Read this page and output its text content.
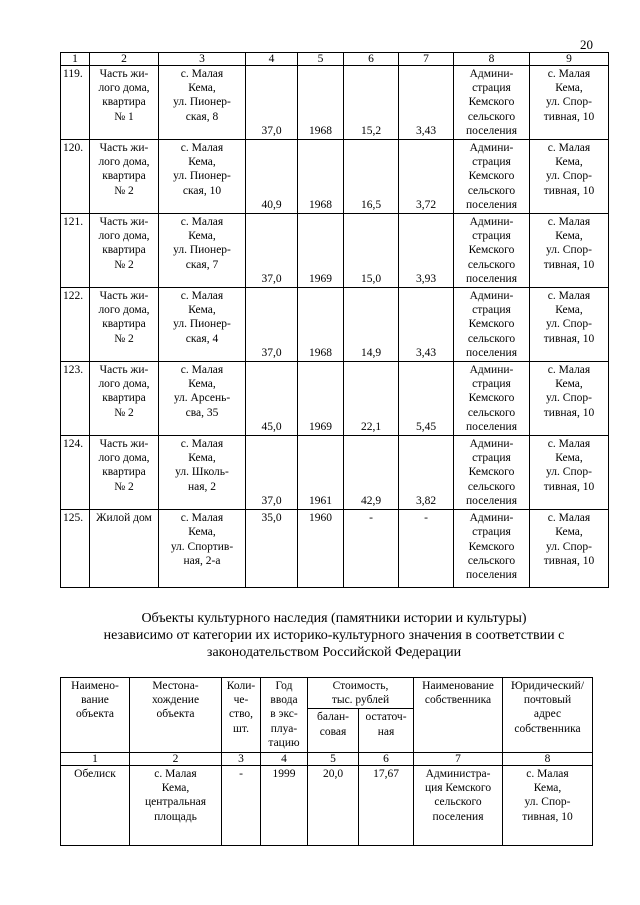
20
1	2	3	4	5	6	7	8	9
119.	Часть жи-
лого дома,
квартира
№ 1	с. Малая
Кема,
ул. Пионер-
ская, 8	37,0	1968	15,2	3,43	Админи-
страция
Кемского
сельского
поселения	с. Малая
Кема,
ул. Спор-
тивная, 10
120.	Часть жи-
лого дома,
квартира
№ 2	с. Малая
Кема,
ул. Пионер-
ская, 10	40,9	1968	16,5	3,72	Админи-
страция
Кемского
сельского
поселения	с. Малая
Кема,
ул. Спор-
тивная, 10
121.	Часть жи-
лого дома,
квартира
№ 2	с. Малая
Кема,
ул. Пионер-
ская, 7	37,0	1969	15,0	3,93	Админи-
страция
Кемского
сельского
поселения	с. Малая
Кема,
ул. Спор-
тивная, 10
122.	Часть жи-
лого дома,
квартира
№ 2	с. Малая
Кема,
ул. Пионер-
ская, 4	37,0	1968	14,9	3,43	Админи-
страция
Кемского
сельского
поселения	с. Малая
Кема,
ул. Спор-
тивная, 10
123.	Часть жи-
лого дома,
квартира
№ 2	с. Малая
Кема,
ул. Арсень-
сва, 35	45,0	1969	22,1	5,45	Админи-
страция
Кемского
сельского
поселения	с. Малая
Кема,
ул. Спор-
тивная, 10
124.	Часть жи-
лого дома,
квартира
№ 2	с. Малая
Кема,
ул. Школь-
ная, 2	37,0	1961	42,9	3,82	Админи-
страция
Кемского
сельского
поселения	с. Малая
Кема,
ул. Спор-
тивная, 10
125.	Жилой дом	с. Малая
Кема,
ул. Спортив-
ная, 2-а	35,0	1960	-	-	Админи-
страция
Кемского
сельского
поселения	с. Малая
Кема,
ул. Спор-
тивная, 10
Объекты культурного наследия (памятники истории и культуры)
независимо от категории их историко-культурного значения в соответствии с
законодательством Российской Федерации
Наимено-
вание
объекта	Местона-
хождение
объекта	Коли-
че-
ство,
шт.	Год
ввода
в экс-
плуа-
тацию	Стоимость,
тыс. рублей		Наименование
собственника	Юридический/
почтовый
адрес
собственника
				балан-
совая	остаточ-
ная		
1	2	3	4	5	6	7	8
Обелиск	с. Малая
Кема,
центральная
площадь	-	1999	20,0	17,67	Администра-
ция Кемского
сельского
поселения	с. Малая
Кема,
ул. Спор-
тивная, 10
